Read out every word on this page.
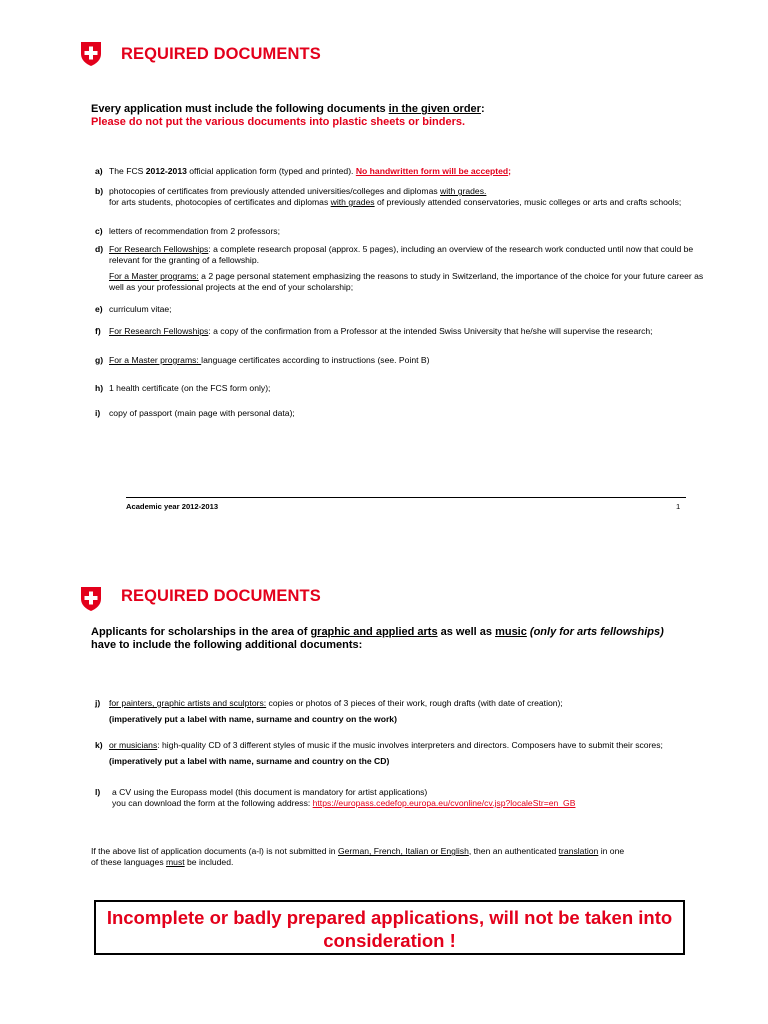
REQUIRED DOCUMENTS
Every application must include the following documents in the given order:
Please do not put the various documents into plastic sheets or binders.
a) The FCS 2012-2013 official application form (typed and printed). No handwritten form will be accepted;
b) photocopies of certificates from previously attended universities/colleges and diplomas with grades.

for arts students, photocopies of certificates and diplomas with grades of previously attended conservatories, music colleges or arts and crafts schools;

c) letters of recommendation from 2 professors;
d) For Research Fellowships: a complete research proposal (approx. 5 pages), including an overview of the research work conducted until now that could be relevant for the granting of a fellowship.

For a Master programs: a 2 page personal statement emphasizing the reasons to study in Switzerland, the importance of the choice for your future career as well as your professional projects at the end of your scholarship;

e) curriculum vitae;
f) For Research Fellowships: a copy of the confirmation from a Professor at the intended Swiss University that he/she will supervise the research;
g) For a Master programs: language certificates according to instructions (see. Point B)
h) 1 health certificate (on the FCS form only);
i)	copy of passport (main page with personal data);
Academic year 2012-2013	1
REQUIRED DOCUMENTS
Applicants for scholarships in the area of graphic and applied arts as well as music (only for arts fellowships)
have to include the following additional documents:
j)	for painters, graphic artists and sculptors: copies or photos of 3 pieces of their work, rough drafts (with date of creation);

(imperatively put a label with name, surname and country on the work)

k) or musicians: high-quality CD of 3 different styles of music if the music involves interpreters and directors. Composers have to submit their scores;

(imperatively put a label with name, surname and country on the CD)

l)	a CV using the Europass model (this document is mandatory for artist applications)

you can download the form at the following address: https://europass.cedefop.europa.eu/cvonline/cv.jsp?localeStr=en_GB

If the above list of application documents (a-l) is not submitted in German, French, Italian or English, then an authenticated translation in one
of these languages must be included.
Incomplete or badly prepared applications, will not be taken into consideration !
